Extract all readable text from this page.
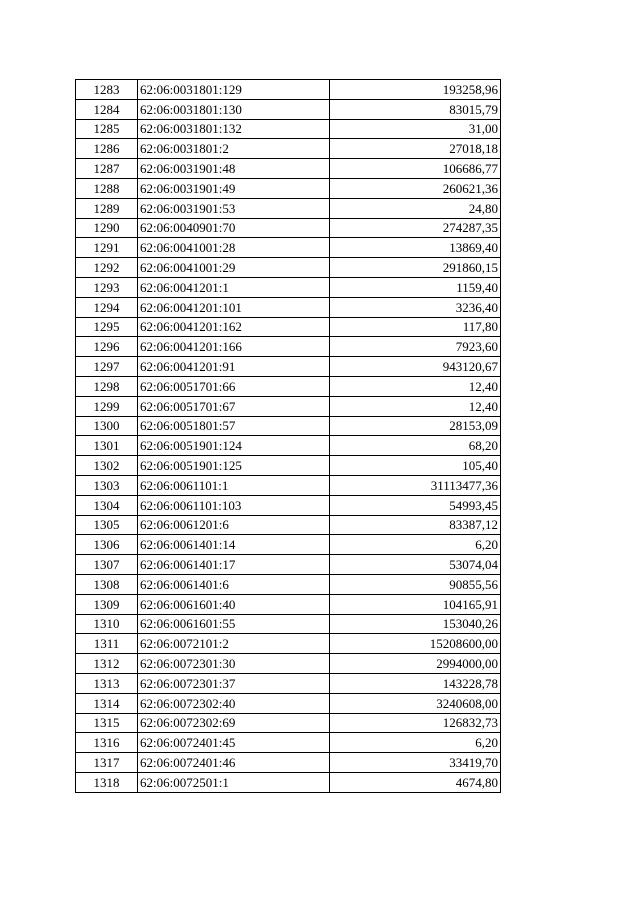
1283	62:06:0031801:129	193258,96
1284	62:06:0031801:130	83015,79
1285	62:06:0031801:132	31,00
1286	62:06:0031801:2	27018,18
1287	62:06:0031901:48	106686,77
1288	62:06:0031901:49	260621,36
1289	62:06:0031901:53	24,80
1290	62:06:0040901:70	274287,35
1291	62:06:0041001:28	13869,40
1292	62:06:0041001:29	291860,15
1293	62:06:0041201:1	1159,40
1294	62:06:0041201:101	3236,40
1295	62:06:0041201:162	117,80
1296	62:06:0041201:166	7923,60
1297	62:06:0041201:91	943120,67
1298	62:06:0051701:66	12,40
1299	62:06:0051701:67	12,40
1300	62:06:0051801:57	28153,09
1301	62:06:0051901:124	68,20
1302	62:06:0051901:125	105,40
1303	62:06:0061101:1	31113477,36
1304	62:06:0061101:103	54993,45
1305	62:06:0061201:6	83387,12
1306	62:06:0061401:14	6,20
1307	62:06:0061401:17	53074,04
1308	62:06:0061401:6	90855,56
1309	62:06:0061601:40	104165,91
1310	62:06:0061601:55	153040,26
1311	62:06:0072101:2	15208600,00
1312	62:06:0072301:30	2994000,00
1313	62:06:0072301:37	143228,78
1314	62:06:0072302:40	3240608,00
1315	62:06:0072302:69	126832,73
1316	62:06:0072401:45	6,20
1317	62:06:0072401:46	33419,70
1318	62:06:0072501:1	4674,80
